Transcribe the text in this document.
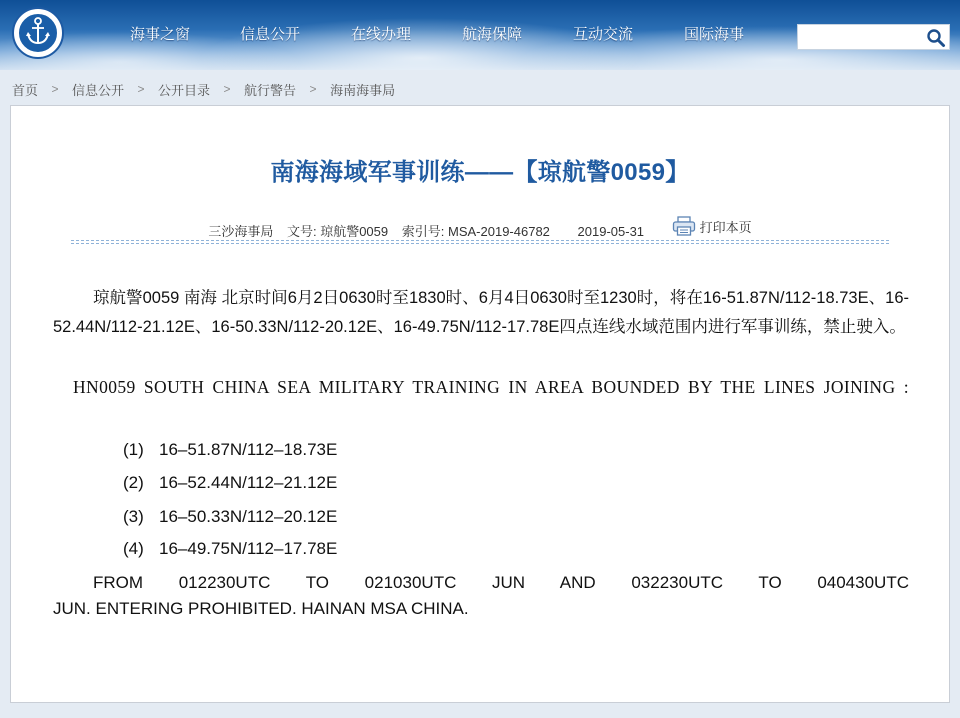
海事之窗	信息公开	在线办理	航海保障	互动交流	国际海事
首页	>	信息公开	>	公开目录	>	航行警告	>	海南海事局
南海海域军事训练——【琼航警0059】
三沙海事局 文号: 琼航警0059 索引号: MSA-2019-46782 2019-05-31	打印本页
琼航警0059 南海 北京时间6月2日0630时至1830时、6月4日0630时至1230时，将在16-51.87N/112-18.73E、16-52.44N/112-21.12E、16-50.33N/112-20.12E、16-49.75N/112-17.78E四点连线水域范围内进行军事训练，禁止驶入。
HN0059 SOUTH CHINA SEA MILITARY TRAINING IN AREA BOUNDED BY THE LINES JOINING :
(1) 16–51.87N/112–18.73E
(2) 16–52.44N/112–21.12E
(3) 16–50.33N/112–20.12E
(4) 16–49.75N/112–17.78E
FROM 012230UTC TO 021030UTC JUN AND 032230UTC TO 040430UTC
JUN. ENTERING PROHIBITED. HAINAN MSA CHINA.
